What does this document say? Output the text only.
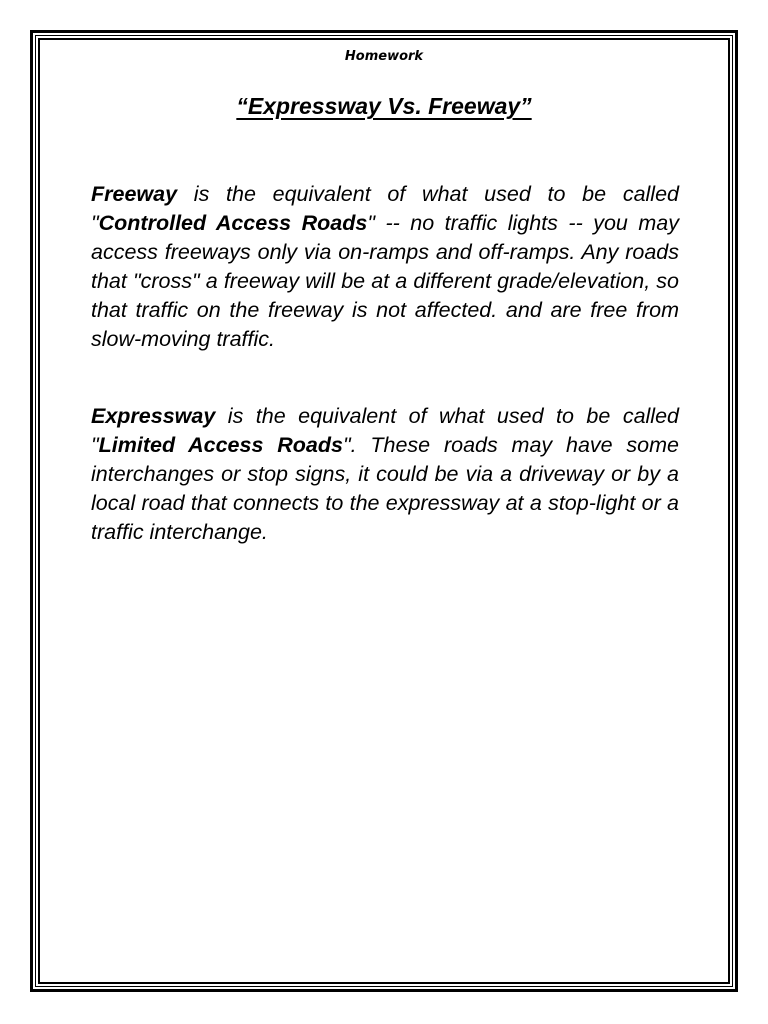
Homework
“Expressway Vs. Freeway”

Freeway is the equivalent of what used to be called "Controlled Access Roads" -- no traffic lights -- you may access freeways only via on-ramps and off-ramps. Any roads that "cross" a freeway will be at a different grade/elevation, so that traffic on the freeway is not affected. and are free from slow-moving traffic.

Expressway is the equivalent of what used to be called "Limited Access Roads". These roads may have some interchanges or stop signs, it could be via a driveway or by a local road that connects to the expressway at a stop-light or a traffic interchange.
